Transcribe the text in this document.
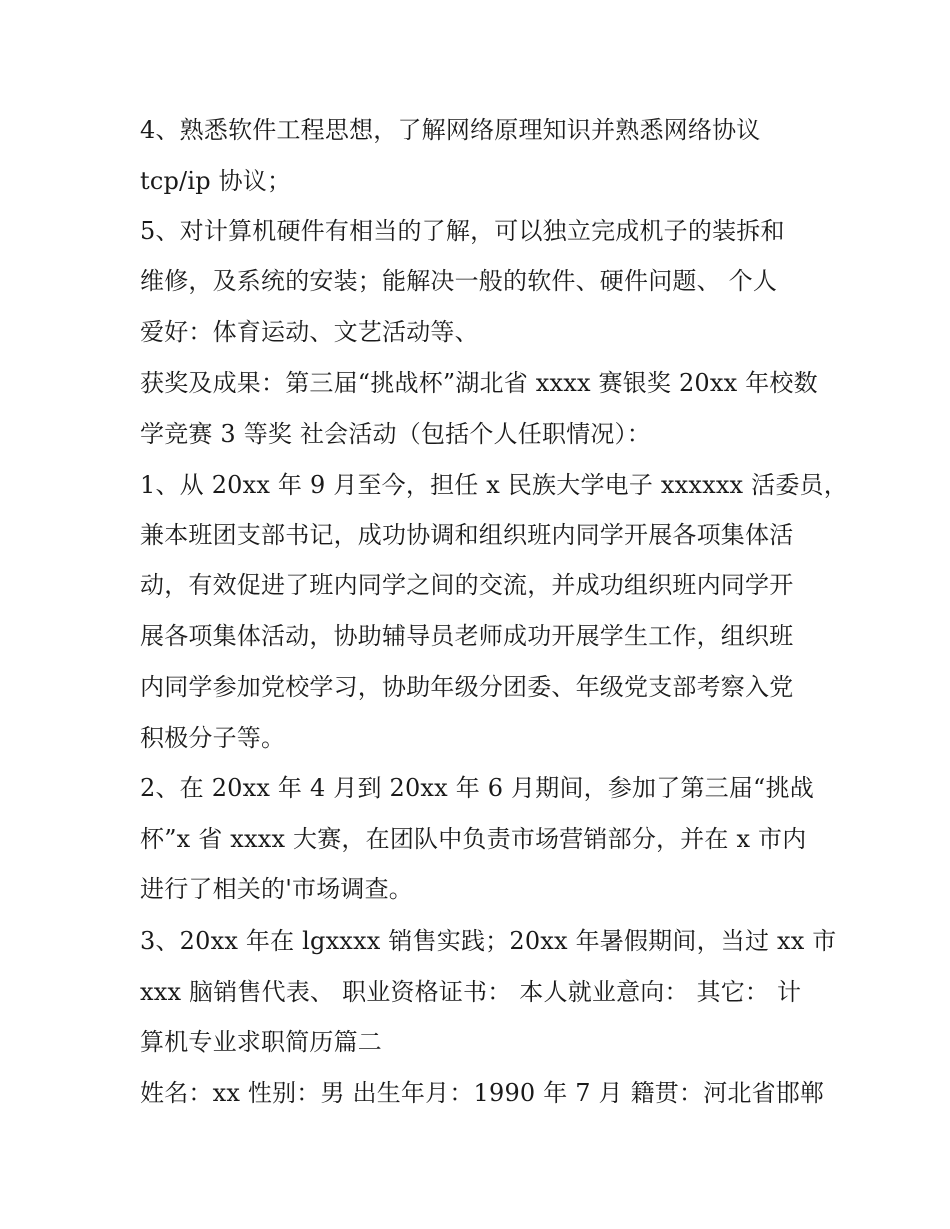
4、熟悉软件工程思想，了解网络原理知识并熟悉网络协议
tcp/ip 协议；
5、对计算机硬件有相当的了解，可以独立完成机子的装拆和
维修，及系统的安装；能解决一般的软件、硬件问题、 个人
爱好：体育运动、文艺活动等、
获奖及成果：第三届“挑战杯”湖北省 xxxx 赛银奖 20xx 年校数
学竞赛 3 等奖 社会活动（包括个人任职情况）：
1、从 20xx 年 9 月至今，担任 x 民族大学电子 xxxxxx 活委员，
兼本班团支部书记，成功协调和组织班内同学开展各项集体活
动，有效促进了班内同学之间的交流，并成功组织班内同学开
展各项集体活动，协助辅导员老师成功开展学生工作，组织班
内同学参加党校学习，协助年级分团委、年级党支部考察入党
积极分子等。
2、在 20xx 年 4 月到 20xx 年 6 月期间，参加了第三届“挑战
杯”x 省 xxxx 大赛，在团队中负责市场营销部分，并在 x 市内
进行了相关的'市场调查。
3、20xx 年在 lgxxxx 销售实践；20xx 年暑假期间，当过 xx 市
xxx 脑销售代表、 职业资格证书： 本人就业意向： 其它： 计
算机专业求职简历篇二
姓名：xx 性别：男 出生年月：1990 年 7 月 籍贯：河北省邯郸
